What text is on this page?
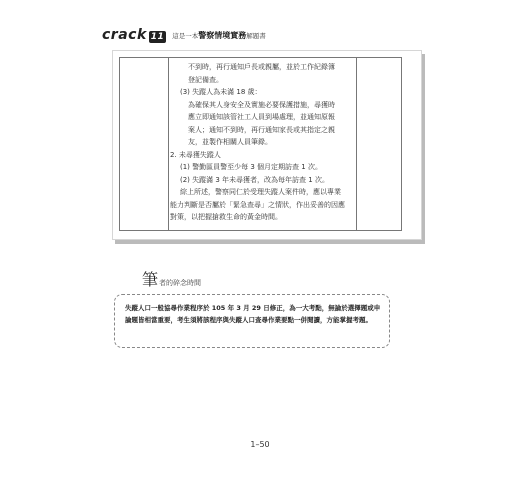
crack 11	這是一本警察情境實務解題書
不到時，再行通知戶長或親屬，並於工作紀錄簿
登記備查。
(3) 失蹤人為未滿 18 歲：
為確保其人身安全及實施必要保護措施，尋獲時
應立即通知該管社工人員到場處理，並通知原報
案人；通知不到時，再行通知家長或其指定之親
友，並製作相關人員筆錄。
2. 未尋獲失蹤人
(1) 警勤區員警至少每 3 個月定期訪查 1 次。
(2) 失蹤滿 3 年未尋獲者，改為每年訪查 1 次。
綜上所述，警察同仁於受理失蹤人案件時，應以專業
能力判斷是否屬於「緊急查尋」之情狀，作出妥善的因應
對策，以把握搶救生命的黃金時間。
筆 者的碎念時間
失蹤人口一般協尋作業程序於 105 年 3 月 29 日修正，為一大考點，無論於選擇題或申論題皆相當重要，考生須將該程序與失蹤人口查尋作業要點一併閱讀，方能掌握考題。
1–50
